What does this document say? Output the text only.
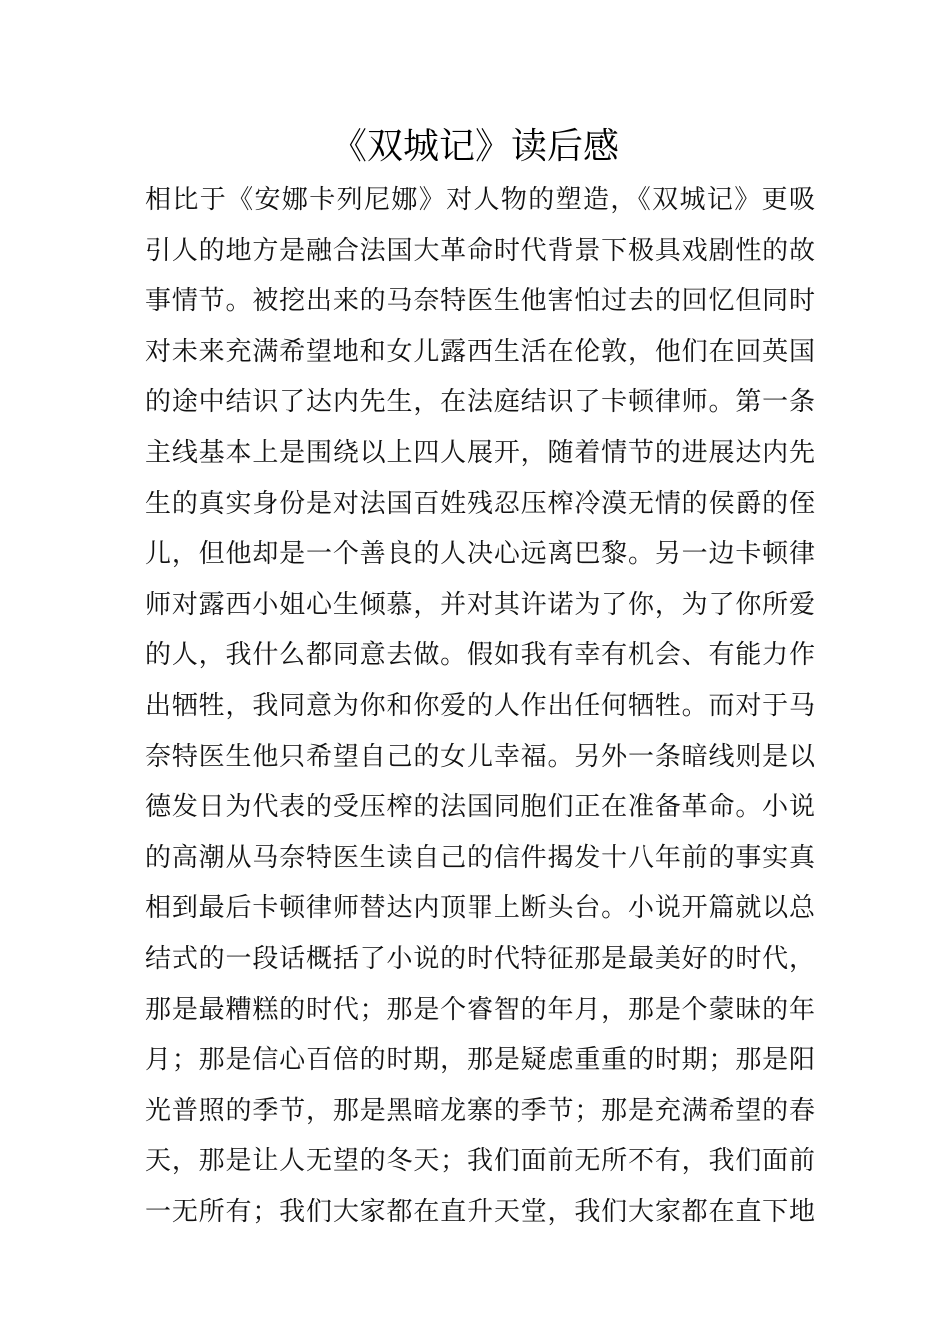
《双城记》读后感
相比于《安娜卡列尼娜》对人物的塑造，《双城记》更吸
引人的地方是融合法国大革命时代背景下极具戏剧性的故
事情节。被挖出来的马奈特医生他害怕过去的回忆但同时
对未来充满希望地和女儿露西生活在伦敦，他们在回英国
的途中结识了达内先生，在法庭结识了卡顿律师。第一条
主线基本上是围绕以上四人展开，随着情节的进展达内先
生的真实身份是对法国百姓残忍压榨冷漠无情的侯爵的侄
儿，但他却是一个善良的人决心远离巴黎。另一边卡顿律
师对露西小姐心生倾慕，并对其许诺为了你，为了你所爱
的人，我什么都同意去做。假如我有幸有机会、有能力作
出牺牲，我同意为你和你爱的人作出任何牺牲。而对于马
奈特医生他只希望自己的女儿幸福。另外一条暗线则是以
德发日为代表的受压榨的法国同胞们正在准备革命。小说
的高潮从马奈特医生读自己的信件揭发十八年前的事实真
相到最后卡顿律师替达内顶罪上断头台。小说开篇就以总
结式的一段话概括了小说的时代特征那是最美好的时代，
那是最糟糕的时代；那是个睿智的年月，那是个蒙昧的年
月；那是信心百倍的时期，那是疑虑重重的时期；那是阳
光普照的季节，那是黑暗龙寨的季节；那是充满希望的春
天，那是让人无望的冬天；我们面前无所不有，我们面前
一无所有；我们大家都在直升天堂，我们大家都在直下地
